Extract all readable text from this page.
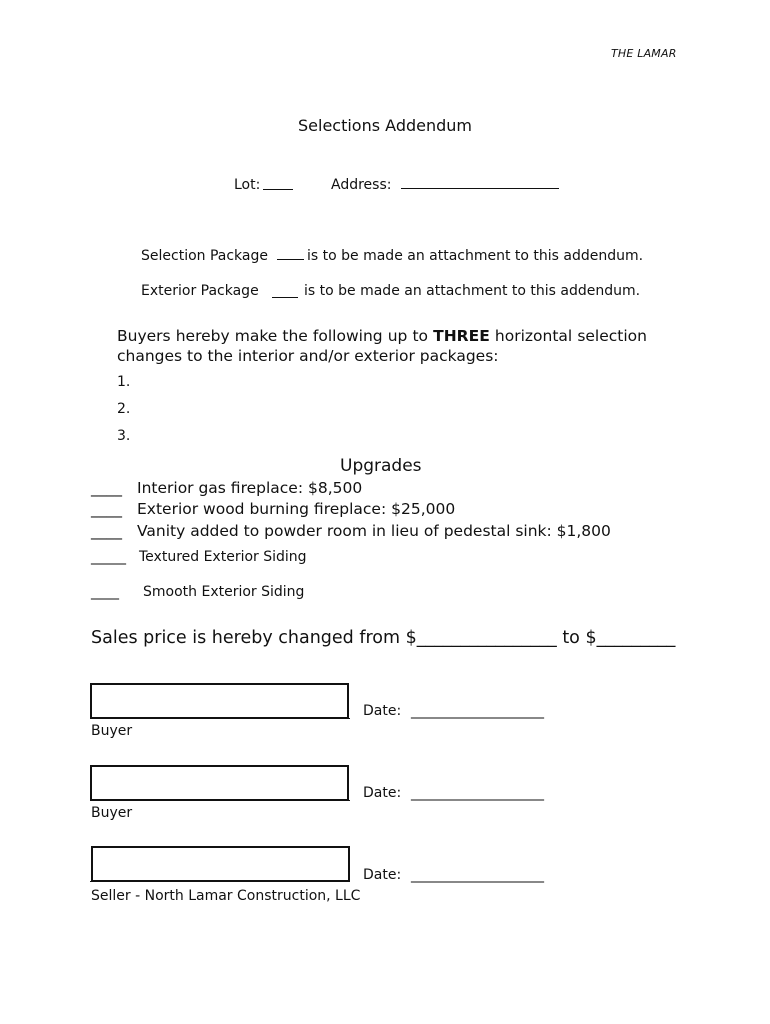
THE LAMAR
Selections Addendum
Lot:	Address:
Selection Package	is to be made an attachment to this addendum.
Exterior Package	is to be made an attachment to this addendum.
Buyers hereby make the following up to THREE horizontal selection changes to the interior and/or exterior packages:
1.
2.
3.
Upgrades
____ Interior gas fireplace: $8,500
____ Exterior wood burning fireplace: $25,000
____ Vanity added to powder room in lieu of pedestal sink: $1,800
_____ Textured Exterior Siding
____ Smooth Exterior Siding
Sales price is hereby changed from $________________ to $_________
Date: ___________________
Buyer
Date: ___________________
Buyer
Date: ___________________
Seller - North Lamar Construction, LLC
